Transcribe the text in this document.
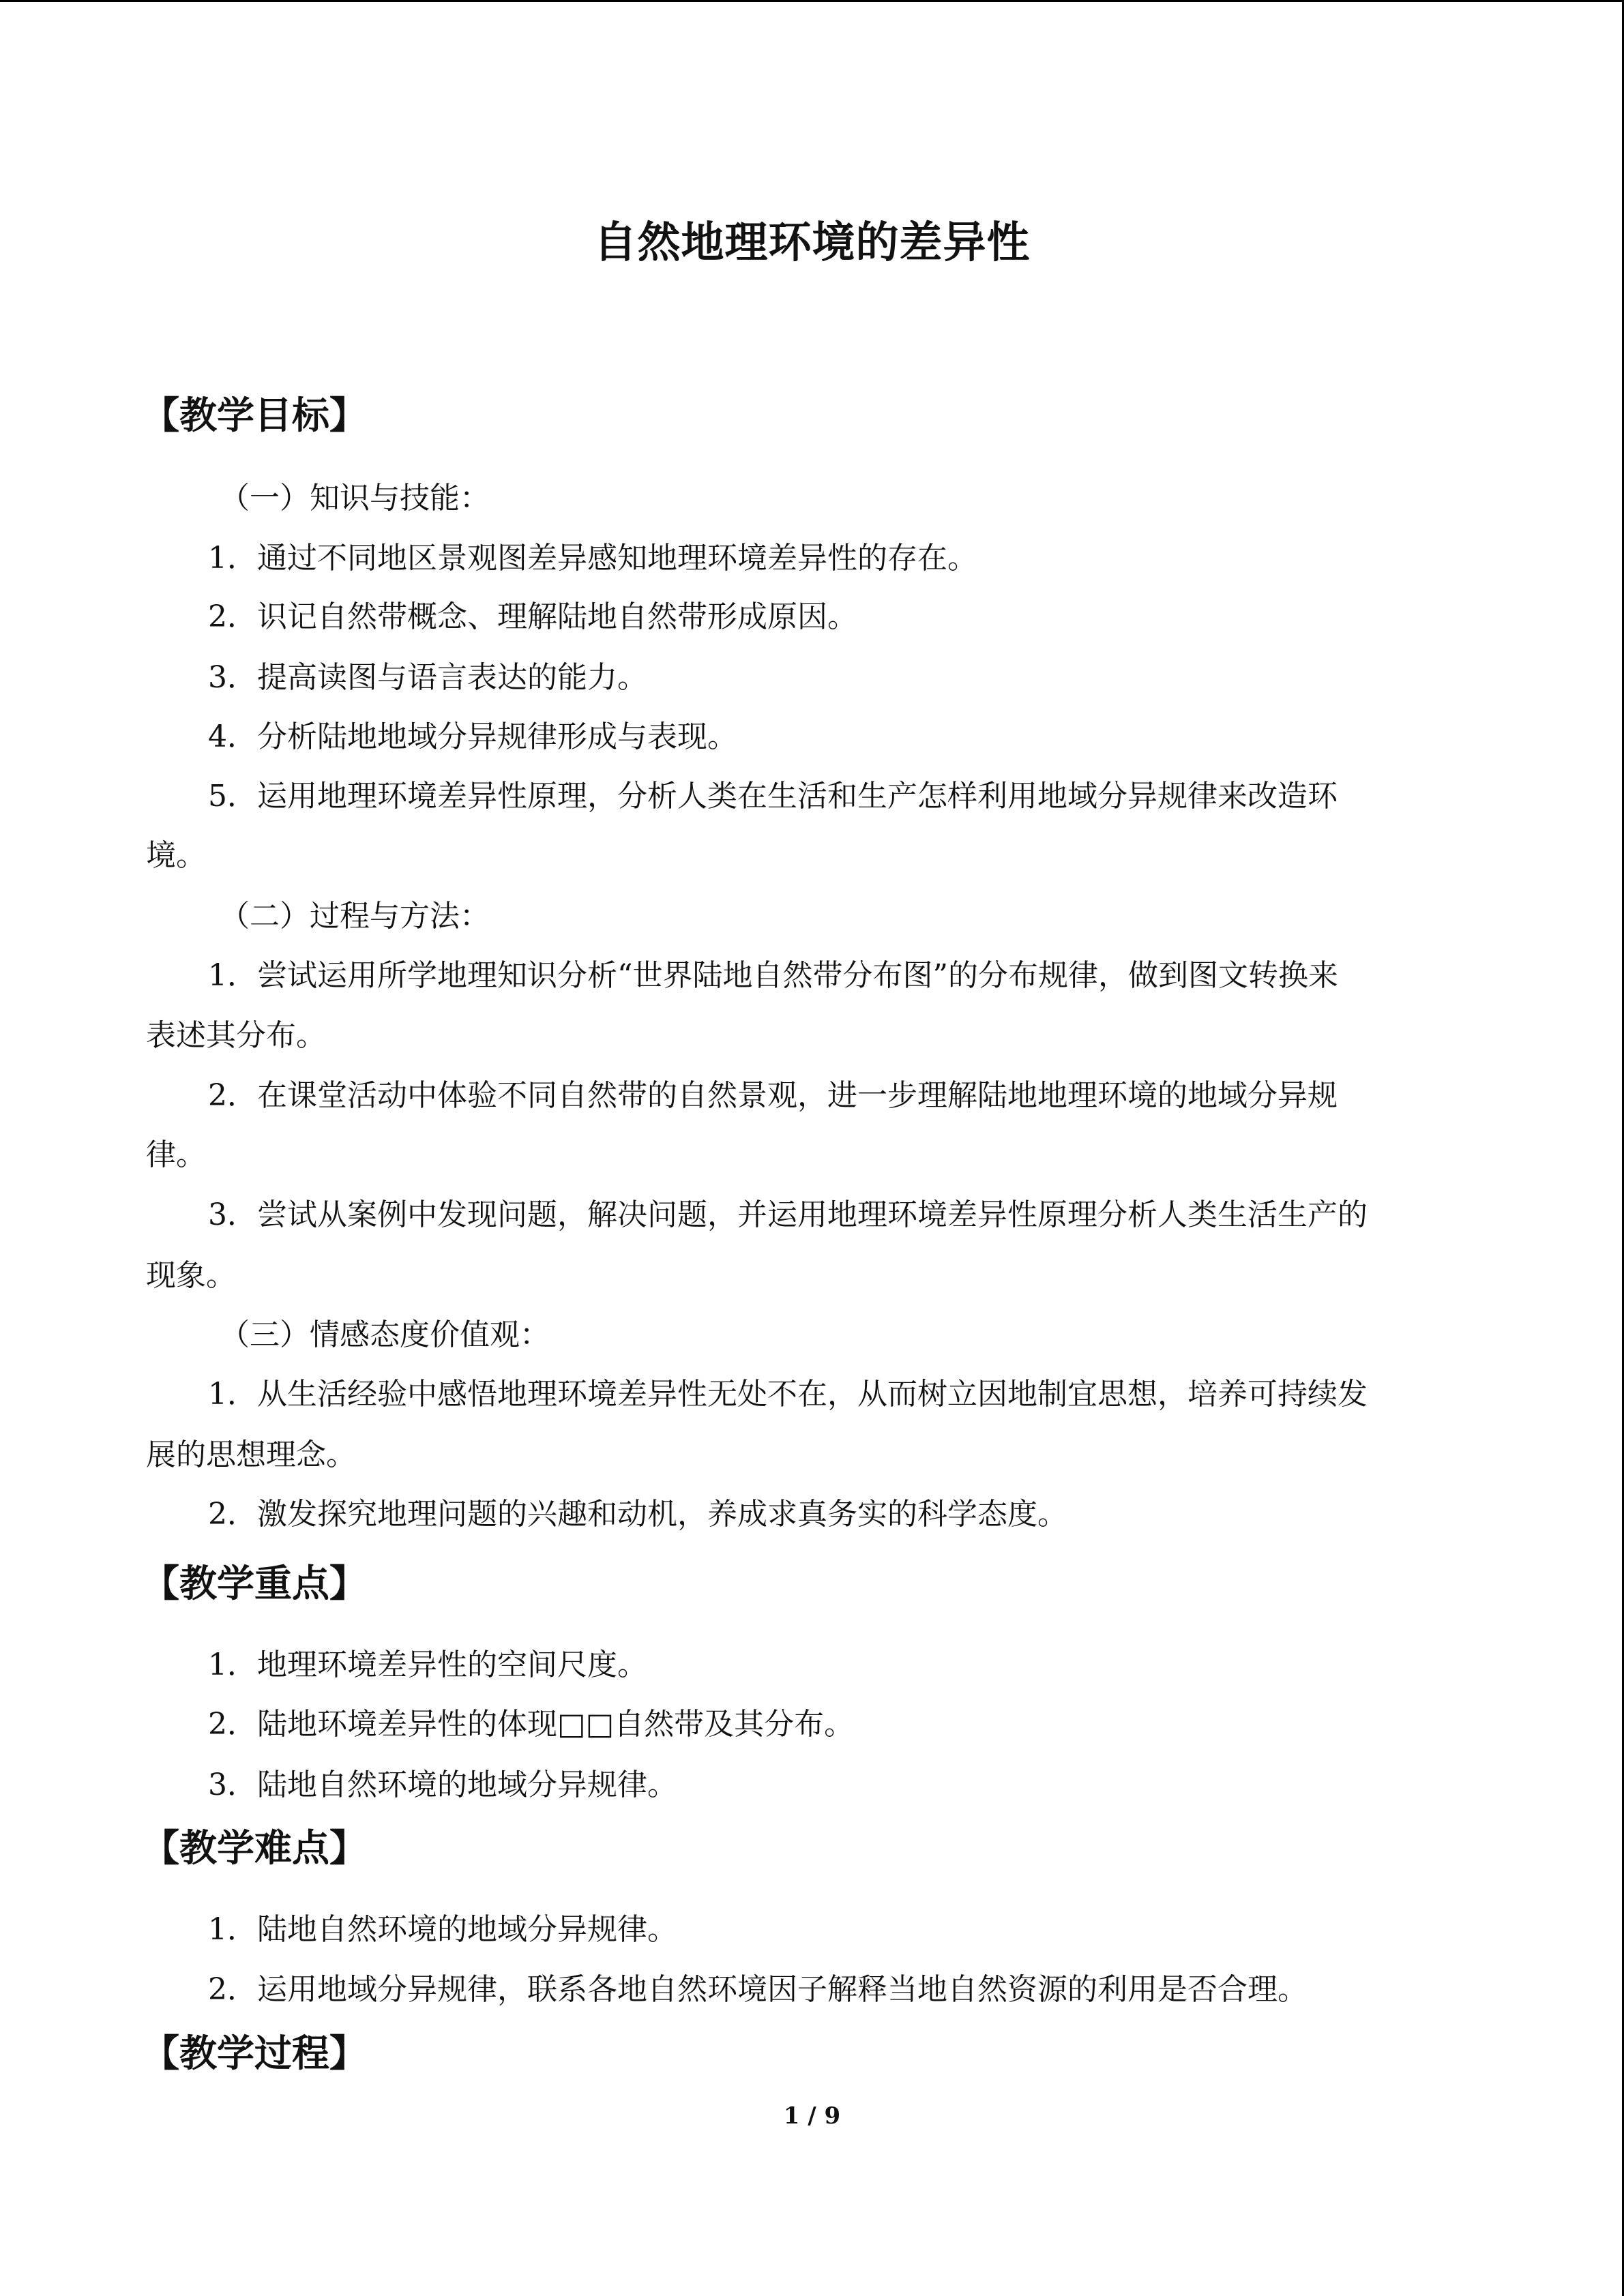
自然地理环境的差异性
【教学目标】
（一）知识与技能：
1．通过不同地区景观图差异感知地理环境差异性的存在。
2．识记自然带概念、理解陆地自然带形成原因。
3．提高读图与语言表达的能力。
4．分析陆地地域分异规律形成与表现。
5．运用地理环境差异性原理，分析人类在生活和生产怎样利用地域分异规律来改造环
境。
（二）过程与方法：
1．尝试运用所学地理知识分析“世界陆地自然带分布图”的分布规律，做到图文转换来
表述其分布。
2．在课堂活动中体验不同自然带的自然景观，进一步理解陆地地理环境的地域分异规
律。
3．尝试从案例中发现问题，解决问题，并运用地理环境差异性原理分析人类生活生产的
现象。
（三）情感态度价值观：
1．从生活经验中感悟地理环境差异性无处不在，从而树立因地制宜思想，培养可持续发
展的思想理念。
2．激发探究地理问题的兴趣和动机，养成求真务实的科学态度。
【教学重点】
1．地理环境差异性的空间尺度。
2．陆地环境差异性的体现□□自然带及其分布。
3．陆地自然环境的地域分异规律。
【教学难点】
1．陆地自然环境的地域分异规律。
2．运用地域分异规律，联系各地自然环境因子解释当地自然资源的利用是否合理。
【教学过程】
1 / 9
